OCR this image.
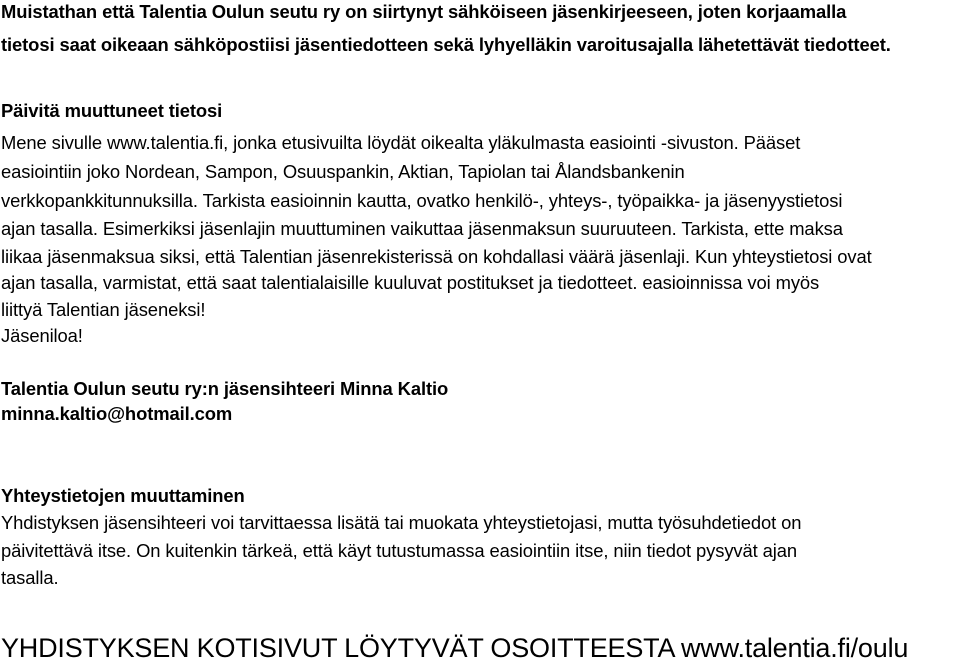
Muistathan että Talentia Oulun seutu ry on siirtynyt sähköiseen jäsenkirjeeseen, joten korjaamalla
tietosi saat oikeaan sähköpostiisi jäsentiedotteen sekä lyhyelläkin varoitusajalla lähetettävät tiedotteet.
Päivitä muuttuneet tietosi
Mene sivulle www.talentia.fi, jonka etusivuilta löydät oikealta yläkulmasta easiointi -sivuston. Pääset
easiointiin joko Nordean, Sampon, Osuuspankin, Aktian, Tapiolan tai Ålandsbankenin
verkkopankkitunnuksilla. Tarkista easioinnin kautta, ovatko henkilö-, yhteys-, työpaikka- ja jäsenyystietosi
ajan tasalla. Esimerkiksi jäsenlajin muuttuminen vaikuttaa jäsenmaksun suuruuteen. Tarkista, ette maksa
liikaa jäsenmaksua siksi, että Talentian jäsenrekisterissä on kohdallasi väärä jäsenlaji. Kun yhteystietosi ovat
ajan tasalla, varmistat, että saat talentialaisille kuuluvat postitukset ja tiedotteet. easioinnissa voi myös
liittyä Talentian jäseneksi!
Jäseniloa!
Talentia Oulun seutu ry:n jäsensihteeri Minna Kaltio
minna.kaltio@hotmail.com
Yhteystietojen muuttaminen
Yhdistyksen jäsensihteeri voi tarvittaessa lisätä tai muokata yhteystietojasi, mutta työsuhdetiedot on
päivitettävä itse. On kuitenkin tärkeä, että käyt tutustumassa easiointiin itse, niin tiedot pysyvät ajan
tasalla.
YHDISTYKSEN KOTISIVUT LÖYTYVÄT OSOITTEESTA www.talentia.fi/oulu
